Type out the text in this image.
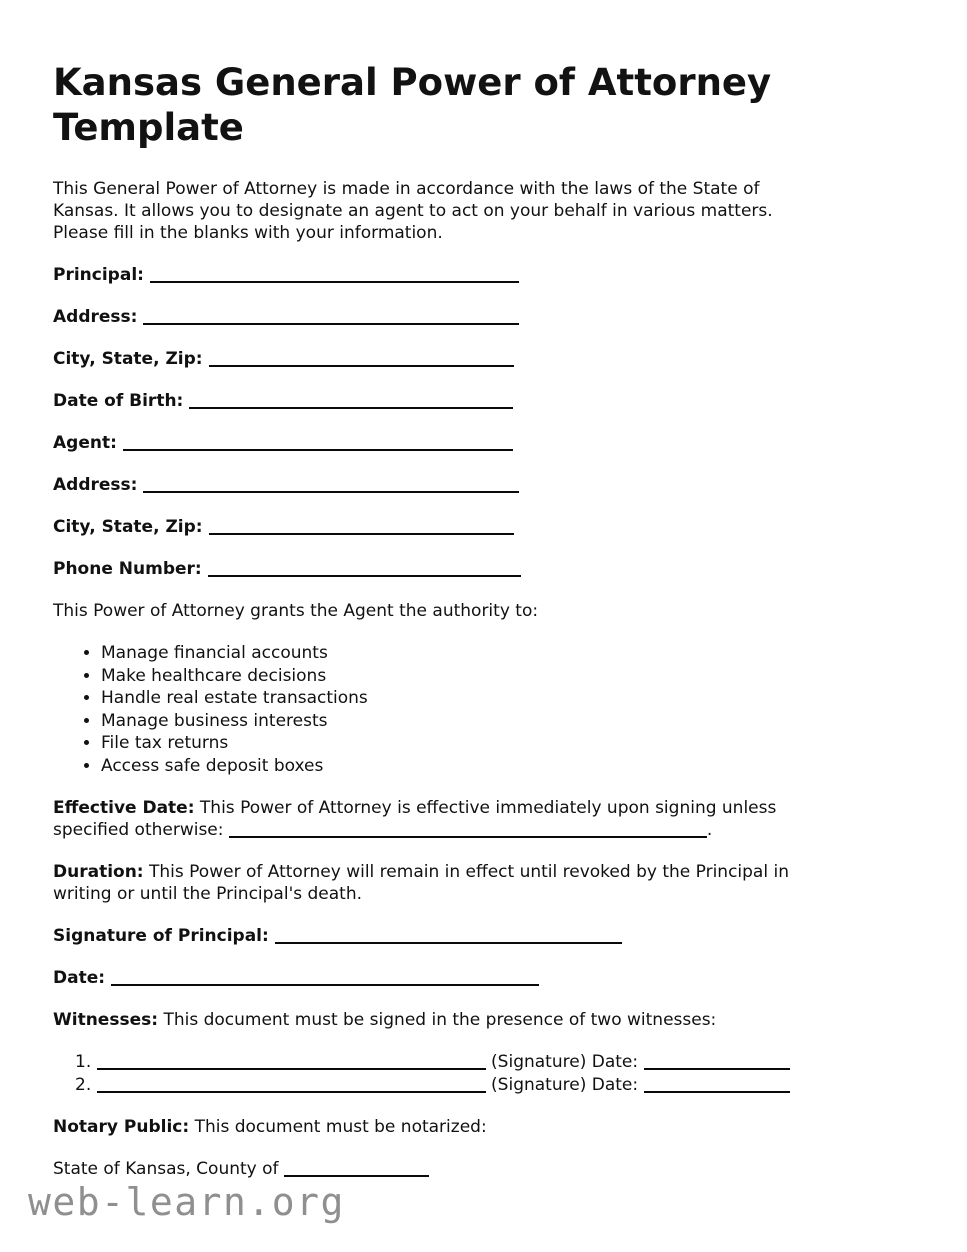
Kansas General Power of Attorney
Template

This General Power of Attorney is made in accordance with the laws of the State of
Kansas. It allows you to designate an agent to act on your behalf in various matters.
Please fill in the blanks with your information.

Principal:

Address:

City, State, Zip:

Date of Birth:

Agent:

Address:

City, State, Zip:

Phone Number:

This Power of Attorney grants the Agent the authority to:

• Manage financial accounts
• Make healthcare decisions
• Handle real estate transactions
• Manage business interests
• File tax returns
• Access safe deposit boxes

Effective Date: This Power of Attorney is effective immediately upon signing unless
specified otherwise:	.

Duration: This Power of Attorney will remain in effect until revoked by the Principal in
writing or until the Principal's death.

Signature of Principal:

Date:

Witnesses: This document must be signed in the presence of two witnesses:

1.	(Signature) Date:
2.	(Signature) Date:

Notary Public: This document must be notarized:

State of Kansas, County of

web-learn.org
